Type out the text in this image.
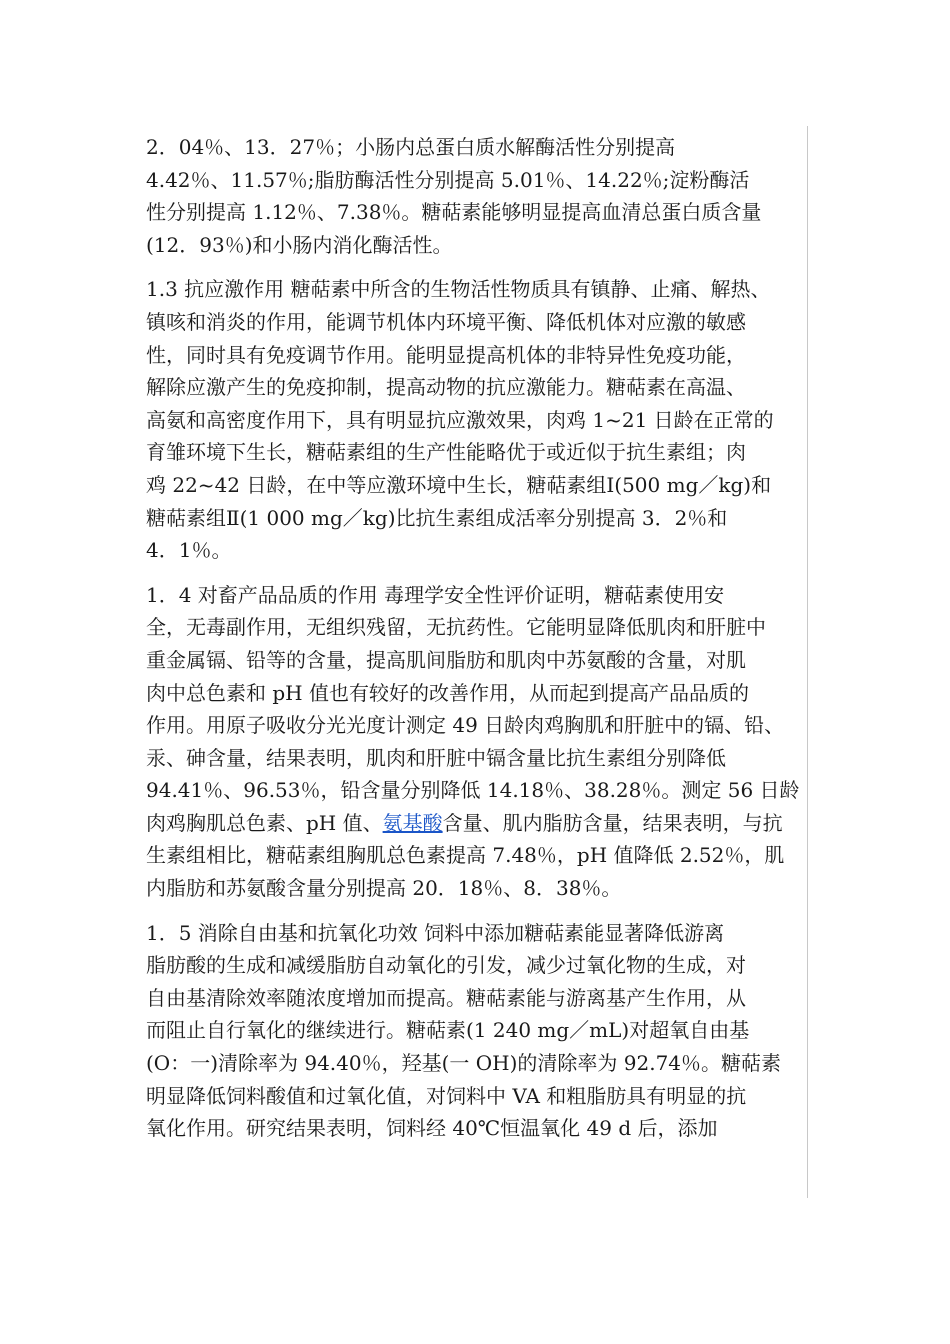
2．04％、13．27％；小肠内总蛋白质水解酶活性分别提高
4.42％、11.57％;脂肪酶活性分别提高 5.01％、14.22％;淀粉酶活
性分别提高 1.12％、7.38％。糖萜素能够明显提高血清总蛋白质含量
(12．93％)和小肠内消化酶活性。
1.3 抗应激作用 糖萜素中所含的生物活性物质具有镇静、止痛、解热、
镇咳和消炎的作用，能调节机体内环境平衡、降低机体对应激的敏感
性，同时具有免疫调节作用。能明显提高机体的非特异性免疫功能，
解除应激产生的免疫抑制，提高动物的抗应激能力。糖萜素在高温、
高氨和高密度作用下，具有明显抗应激效果，肉鸡 1~21 日龄在正常的
育雏环境下生长，糖萜素组的生产性能略优于或近似于抗生素组；肉
鸡 22~42 日龄，在中等应激环境中生长，糖萜素组Ⅰ(500 mg／kg)和
糖萜素组Ⅱ(1 000 mg／kg)比抗生素组成活率分别提高 3．2％和
4．1％。
1．4 对畜产品品质的作用 毒理学安全性评价证明，糖萜素使用安
全，无毒副作用，无组织残留，无抗药性。它能明显降低肌肉和肝脏中
重金属镉、铅等的含量，提高肌间脂肪和肌肉中苏氨酸的含量，对肌
肉中总色素和 pH 值也有较好的改善作用，从而起到提高产品品质的
作用。用原子吸收分光光度计测定 49 日龄肉鸡胸肌和肝脏中的镉、铅、
汞、砷含量，结果表明，肌肉和肝脏中镉含量比抗生素组分别降低
94.41％、96.53％，铅含量分别降低 14.18％、38.28％。测定 56 日龄
肉鸡胸肌总色素、pH 值、氨基酸含量、肌内脂肪含量，结果表明，与抗
生素组相比，糖萜素组胸肌总色素提高 7.48％，pH 值降低 2.52％，肌
内脂肪和苏氨酸含量分别提高 20．18％、8．38％。
1．5 消除自由基和抗氧化功效 饲料中添加糖萜素能显著降低游离
脂肪酸的生成和减缓脂肪自动氧化的引发，减少过氧化物的生成，对
自由基清除效率随浓度增加而提高。糖萜素能与游离基产生作用，从
而阻止自行氧化的继续进行。糖萜素(1 240 mg／mL)对超氧自由基
(O：一)清除率为 94.40％，羟基(一 OH)的清除率为 92.74％。糖萜素
明显降低饲料酸值和过氧化值，对饲料中 VA 和粗脂肪具有明显的抗
氧化作用。研究结果表明，饲料经 40℃恒温氧化 49 d 后，添加
